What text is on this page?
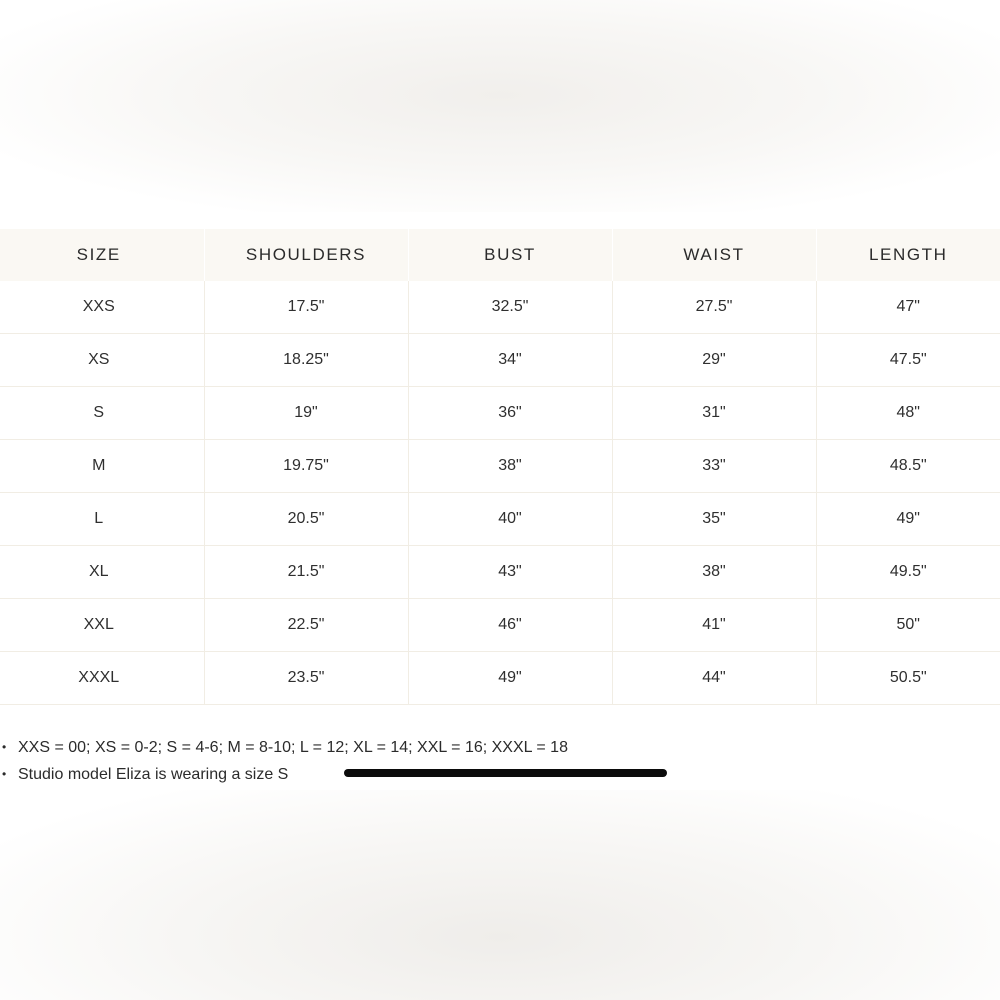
SIZE	SHOULDERS	BUST	WAIST	LENGTH
XXS	17.5"	32.5"	27.5"	47"
XS	18.25"	34"	29"	47.5"
S	19"	36"	31"	48"
M	19.75"	38"	33"	48.5"
L	20.5"	40"	35"	49"
XL	21.5"	43"	38"	49.5"
XXL	22.5"	46"	41"	50"
XXXL	23.5"	49"	44"	50.5"
• XXS = 00; XS = 0-2; S = 4-6; M = 8-10; L = 12; XL = 14; XXL = 16; XXXL = 18
• Studio model Eliza is wearing a size S
